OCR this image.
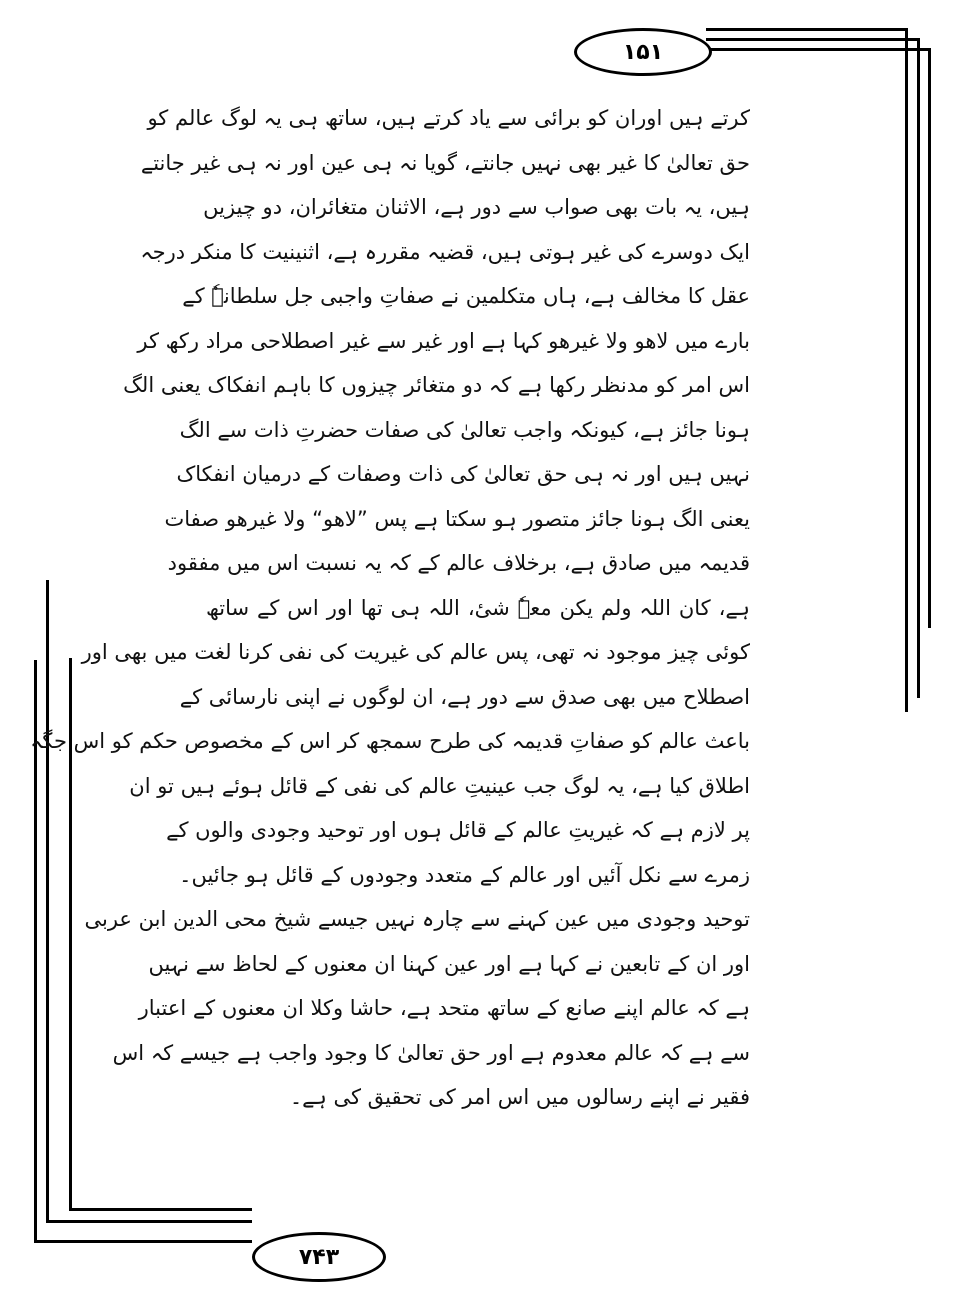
۱۵۱
۷۴۳
کرتے ہیں اوران کو برائی سے یاد کرتے ہیں، ساتھ ہی یہ لوگ عالم کو
حق تعالیٰ کا غیر بھی نہیں جانتے، گویا نہ ہی عین اور نہ ہی غیر جانتے
ہیں، یہ بات بھی صواب سے دور ہے، الاثنان متغائران، دو چیزیں
ایک دوسرے کی غیر ہوتی ہیں، قضیہ مقررہ ہے، اثنینیت کا منکر درجہ
عقل کا مخالف ہے، ہاں متکلمین نے صفاتِ واجبی جل سلطانہٗ کے
بارے میں لاھو ولا غیرھو کہا ہے اور غیر سے غیر اصطلاحی مراد رکھ کر
اس امر کو مدنظر رکھا ہے کہ دو متغائر چیزوں کا باہم انفکاک یعنی الگ
ہونا جائز ہے، کیونکہ واجب تعالیٰ کی صفات حضرتِ ذات سے الگ
نہیں ہیں اور نہ ہی حق تعالیٰ کی ذات وصفات کے درمیان انفکاک
یعنی الگ ہونا جائز متصور ہو سکتا ہے پس ”لاھو“ ولا غیرھو صفات
قدیمہ میں صادق ہے، برخلاف عالم کے کہ یہ نسبت اس میں مفقود
ہے، کان اللہ ولم یکن معہٗ شیٔ، اللہ ہی تھا اور اس کے ساتھ
کوئی چیز موجود نہ تھی، پس عالم کی غیریت کی نفی کرنا لغت میں بھی اور
اصطلاح میں بھی صدق سے دور ہے، ان لوگوں نے اپنی نارسائی کے
باعث عالم کو صفاتِ قدیمہ کی طرح سمجھ کر اس کے مخصوص حکم کو اس جگہ
اطلاق کیا ہے، یہ لوگ جب عینیتِ عالم کی نفی کے قائل ہوئے ہیں تو ان
پر لازم ہے کہ غیریتِ عالم کے قائل ہوں اور توحید وجودی والوں کے
زمرے سے نکل آئیں اور عالم کے متعدد وجودوں کے قائل ہو جائیں۔
توحید وجودی میں عین کہنے سے چارہ نہیں جیسے شیخ محی الدین ابن عربی
اور ان کے تابعین نے کہا ہے اور عین کہنا ان معنوں کے لحاظ سے نہیں
ہے کہ عالم اپنے صانع کے ساتھ متحد ہے، حاشا وکلا ان معنوں کے اعتبار
سے ہے کہ عالم معدوم ہے اور حق تعالیٰ کا وجود واجب ہے جیسے کہ اس
فقیر نے اپنے رسالوں میں اس امر کی تحقیق کی ہے۔
